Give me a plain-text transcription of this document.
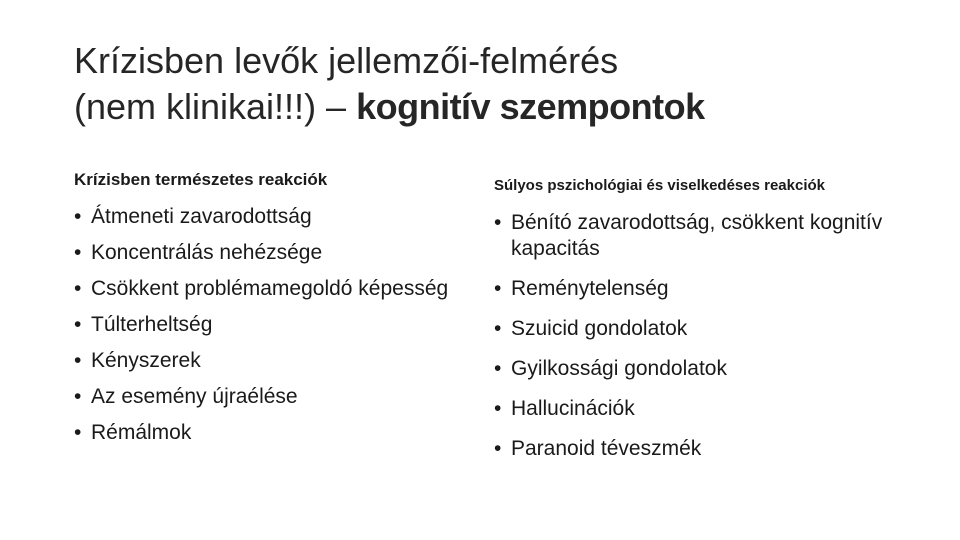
Krízisben levők jellemzői-felmérés
(nem klinikai!!!) – kognitív szempontok
Krízisben természetes reakciók
• Átmeneti zavarodottság
• Koncentrálás nehézsége
• Csökkent problémamegoldó képesség
• Túlterheltség
• Kényszerek
• Az esemény újraélése
• Rémálmok
Súlyos pszichológiai és viselkedéses reakciók
• Bénító zavarodottság, csökkent kognitív kapacitás
• Reménytelenség
• Szuicid gondolatok
• Gyilkossági gondolatok
• Hallucinációk
• Paranoid téveszmék
